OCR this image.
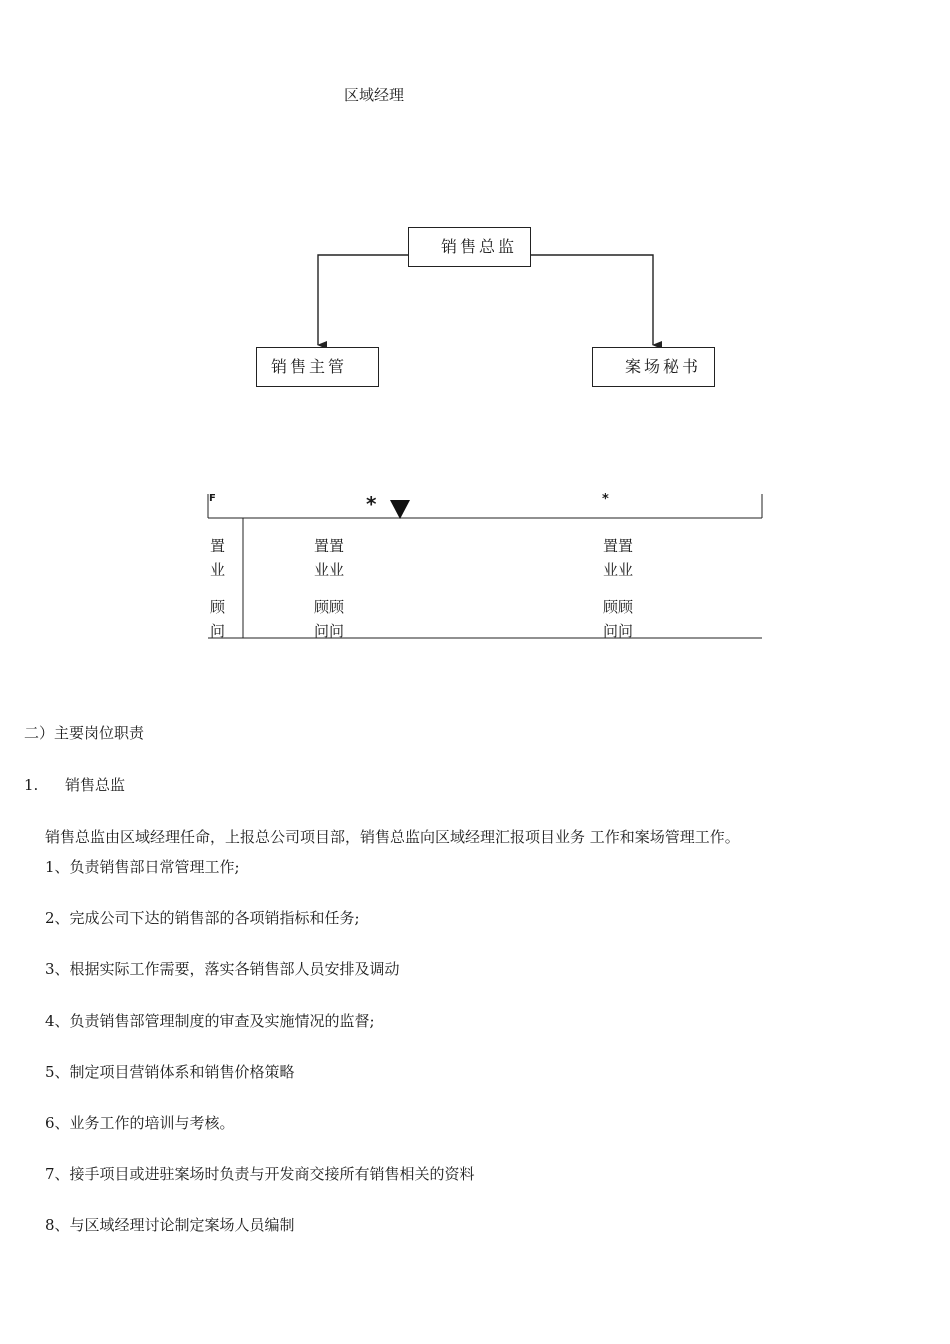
区域经理
销售总监
销售主管	案场秘书
F	*	*
置
业
顾
问
置置
业业
顾顾
问问
置置
业业
顾顾
问问
二）主要岗位职责
1. 销售总监
销售总监由区域经理任命，上报总公司项目部，销售总监向区域经理汇报项目业务 工作和案场管理工作。
1、负责销售部日常管理工作;
2、完成公司下达的销售部的各项销指标和任务;
3、根据实际工作需要，落实各销售部人员安排及调动
4、负责销售部管理制度的审查及实施情况的监督;
5、制定项目营销体系和销售价格策略
6、业务工作的培训与考核。
7、接手项目或进驻案场时负责与开发商交接所有销售相关的资料
8、与区域经理讨论制定案场人员编制
